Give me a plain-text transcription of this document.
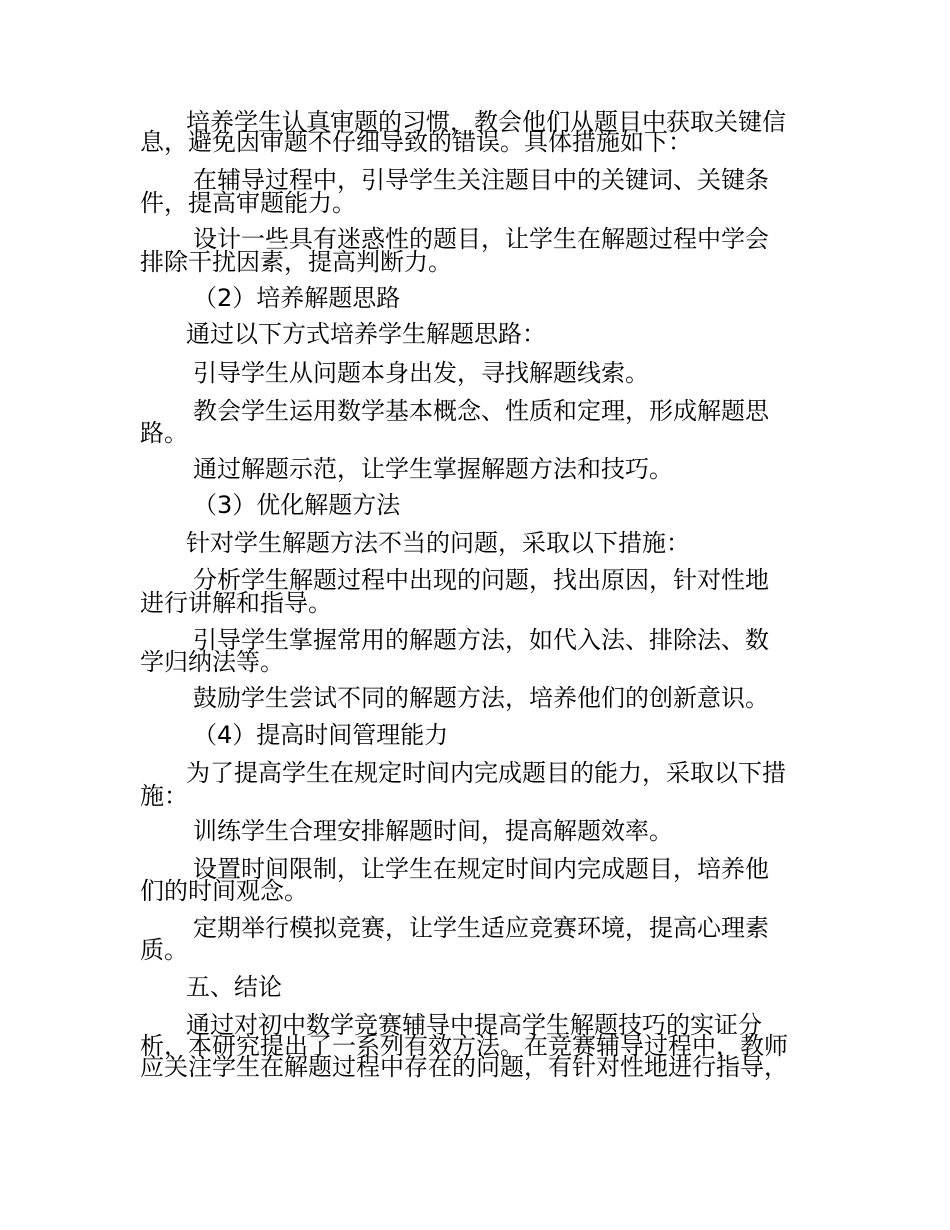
培养学生认真审题的习惯，教会他们从题目中获取关键信
息，避免因审题不仔细导致的错误。具体措施如下：
在辅导过程中，引导学生关注题目中的关键词、关键条
件，提高审题能力。
设计一些具有迷惑性的题目，让学生在解题过程中学会
排除干扰因素，提高判断力。
（2）培养解题思路
通过以下方式培养学生解题思路：
引导学生从问题本身出发，寻找解题线索。
教会学生运用数学基本概念、性质和定理，形成解题思
路。
通过解题示范，让学生掌握解题方法和技巧。
（3）优化解题方法
针对学生解题方法不当的问题，采取以下措施：
分析学生解题过程中出现的问题，找出原因，针对性地
进行讲解和指导。
引导学生掌握常用的解题方法，如代入法、排除法、数
学归纳法等。
鼓励学生尝试不同的解题方法，培养他们的创新意识。
（4）提高时间管理能力
为了提高学生在规定时间内完成题目的能力，采取以下措
施：
训练学生合理安排解题时间，提高解题效率。
设置时间限制，让学生在规定时间内完成题目，培养他
们的时间观念。
定期举行模拟竞赛，让学生适应竞赛环境，提高心理素
质。
五、结论
通过对初中数学竞赛辅导中提高学生解题技巧的实证分
析，本研究提出了一系列有效方法。在竞赛辅导过程中，教师
应关注学生在解题过程中存在的问题，有针对性地进行指导，
